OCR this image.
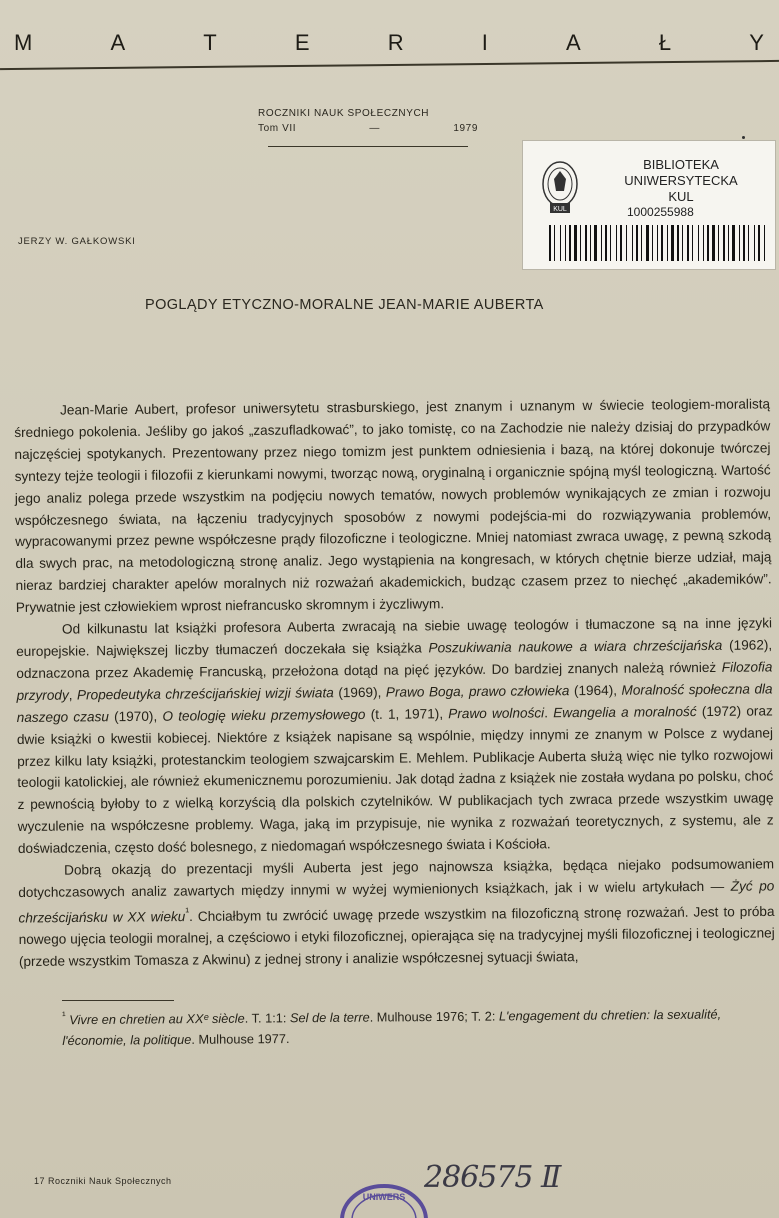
M	A	T	E	R	I	A	Ł	Y
ROCZNIKI NAUK SPOŁECZNYCH
Tom VII	—	1979
KUL
BIBLIOTEKA UNIWERSYTECKA
KUL
1000255988
JERZY W. GAŁKOWSKI
POGLĄDY ETYCZNO-MORALNE JEAN-MARIE AUBERTA

Jean-Marie Aubert, profesor uniwersytetu strasburskiego, jest znanym i uznanym w świecie teologiem-moralistą średniego pokolenia. Jeśliby go jakoś „zaszufladkować”, to jako tomistę, co na Zachodzie nie należy dzisiaj do przypadków najczęściej spotykanych. Prezentowany przez niego tomizm jest punktem odniesienia i bazą, na której dokonuje twórczej syntezy tejże teologii i filozofii z kierunkami nowymi, tworząc nową, oryginalną i organicznie spójną myśl teologiczną. Wartość jego analiz polega przede wszystkim na podjęciu nowych tematów, nowych problemów wynikających ze zmian i rozwoju współczesnego świata, na łączeniu tradycyjnych sposobów z nowymi podejścia-mi do rozwiązywania problemów, wypracowanymi przez pewne współczesne prądy filozoficzne i teologiczne. Mniej natomiast zwraca uwagę, z pewną szkodą dla swych prac, na metodologiczną stronę analiz. Jego wystąpienia na kongresach, w których chętnie bierze udział, mają nieraz bardziej charakter apelów moralnych niż rozważań akademickich, budząc czasem przez to niechęć „akademików”. Prywatnie jest człowiekiem wprost niefrancusko skromnym i życzliwym.

Od kilkunastu lat książki profesora Auberta zwracają na siebie uwagę teologów i tłumaczone są na inne języki europejskie. Największej liczby tłumaczeń doczekała się książka Poszukiwania naukowe a wiara chrześcijańska (1962), odznaczona przez Akademię Francuską, przełożona dotąd na pięć języków. Do bardziej znanych należą również Filozofia przyrody, Propedeutyka chrześcijańskiej wizji świata (1969), Prawo Boga, prawo człowieka (1964), Moralność społeczna dla naszego czasu (1970), O teologię wieku przemysłowego (t. 1, 1971), Prawo wolności. Ewangelia a moralność (1972) oraz dwie książki o kwestii kobiecej. Niektóre z książek napisane są wspólnie, między innymi ze znanym w Polsce z wydanej przez kilku laty książki, protestanckim teologiem szwajcarskim E. Mehlem. Publikacje Auberta służą więc nie tylko rozwojowi teologii katolickiej, ale również ekumenicznemu porozumieniu. Jak dotąd żadna z książek nie została wydana po polsku, choć z pewnością byłoby to z wielką korzyścią dla polskich czytelników. W publikacjach tych zwraca przede wszystkim uwagę wyczulenie na współczesne problemy. Waga, jaką im przypisuje, nie wynika z rozważań teoretycznych, z systemu, ale z doświadczenia, często dość bolesnego, z niedomagań współczesnego świata i Kościoła.

Dobrą okazją do prezentacji myśli Auberta jest jego najnowsza książka, będąca niejako podsumowaniem dotychczasowych analiz zawartych między innymi w wyżej wymienionych książkach, jak i w wielu artykułach — Żyć po chrześcijańsku w XX wieku$^{^1}$. Chciałbym tu zwrócić uwagę przede wszystkim na filozoficzną stronę rozważań. Jest to próba nowego ujęcia teologii moralnej, a częściowo i etyki filozoficznej, opierająca się na tradycyjnej myśli filozoficznej i teologicznej (przede wszystkim Tomasza z Akwinu) z jednej strony i analizie współczesnej sytuacji świata,

$^{^1}$ Vivre en chretien au XXᵉ siècle. T. 1:1: Sel de la terre. Mulhouse 1976; T. 2: L'engagement du chretien: la sexualité, l'économie, la politique. Mulhouse 1977.
17 Roczniki Nauk Społecznych	286575 Ⅱ
UNIWERS
